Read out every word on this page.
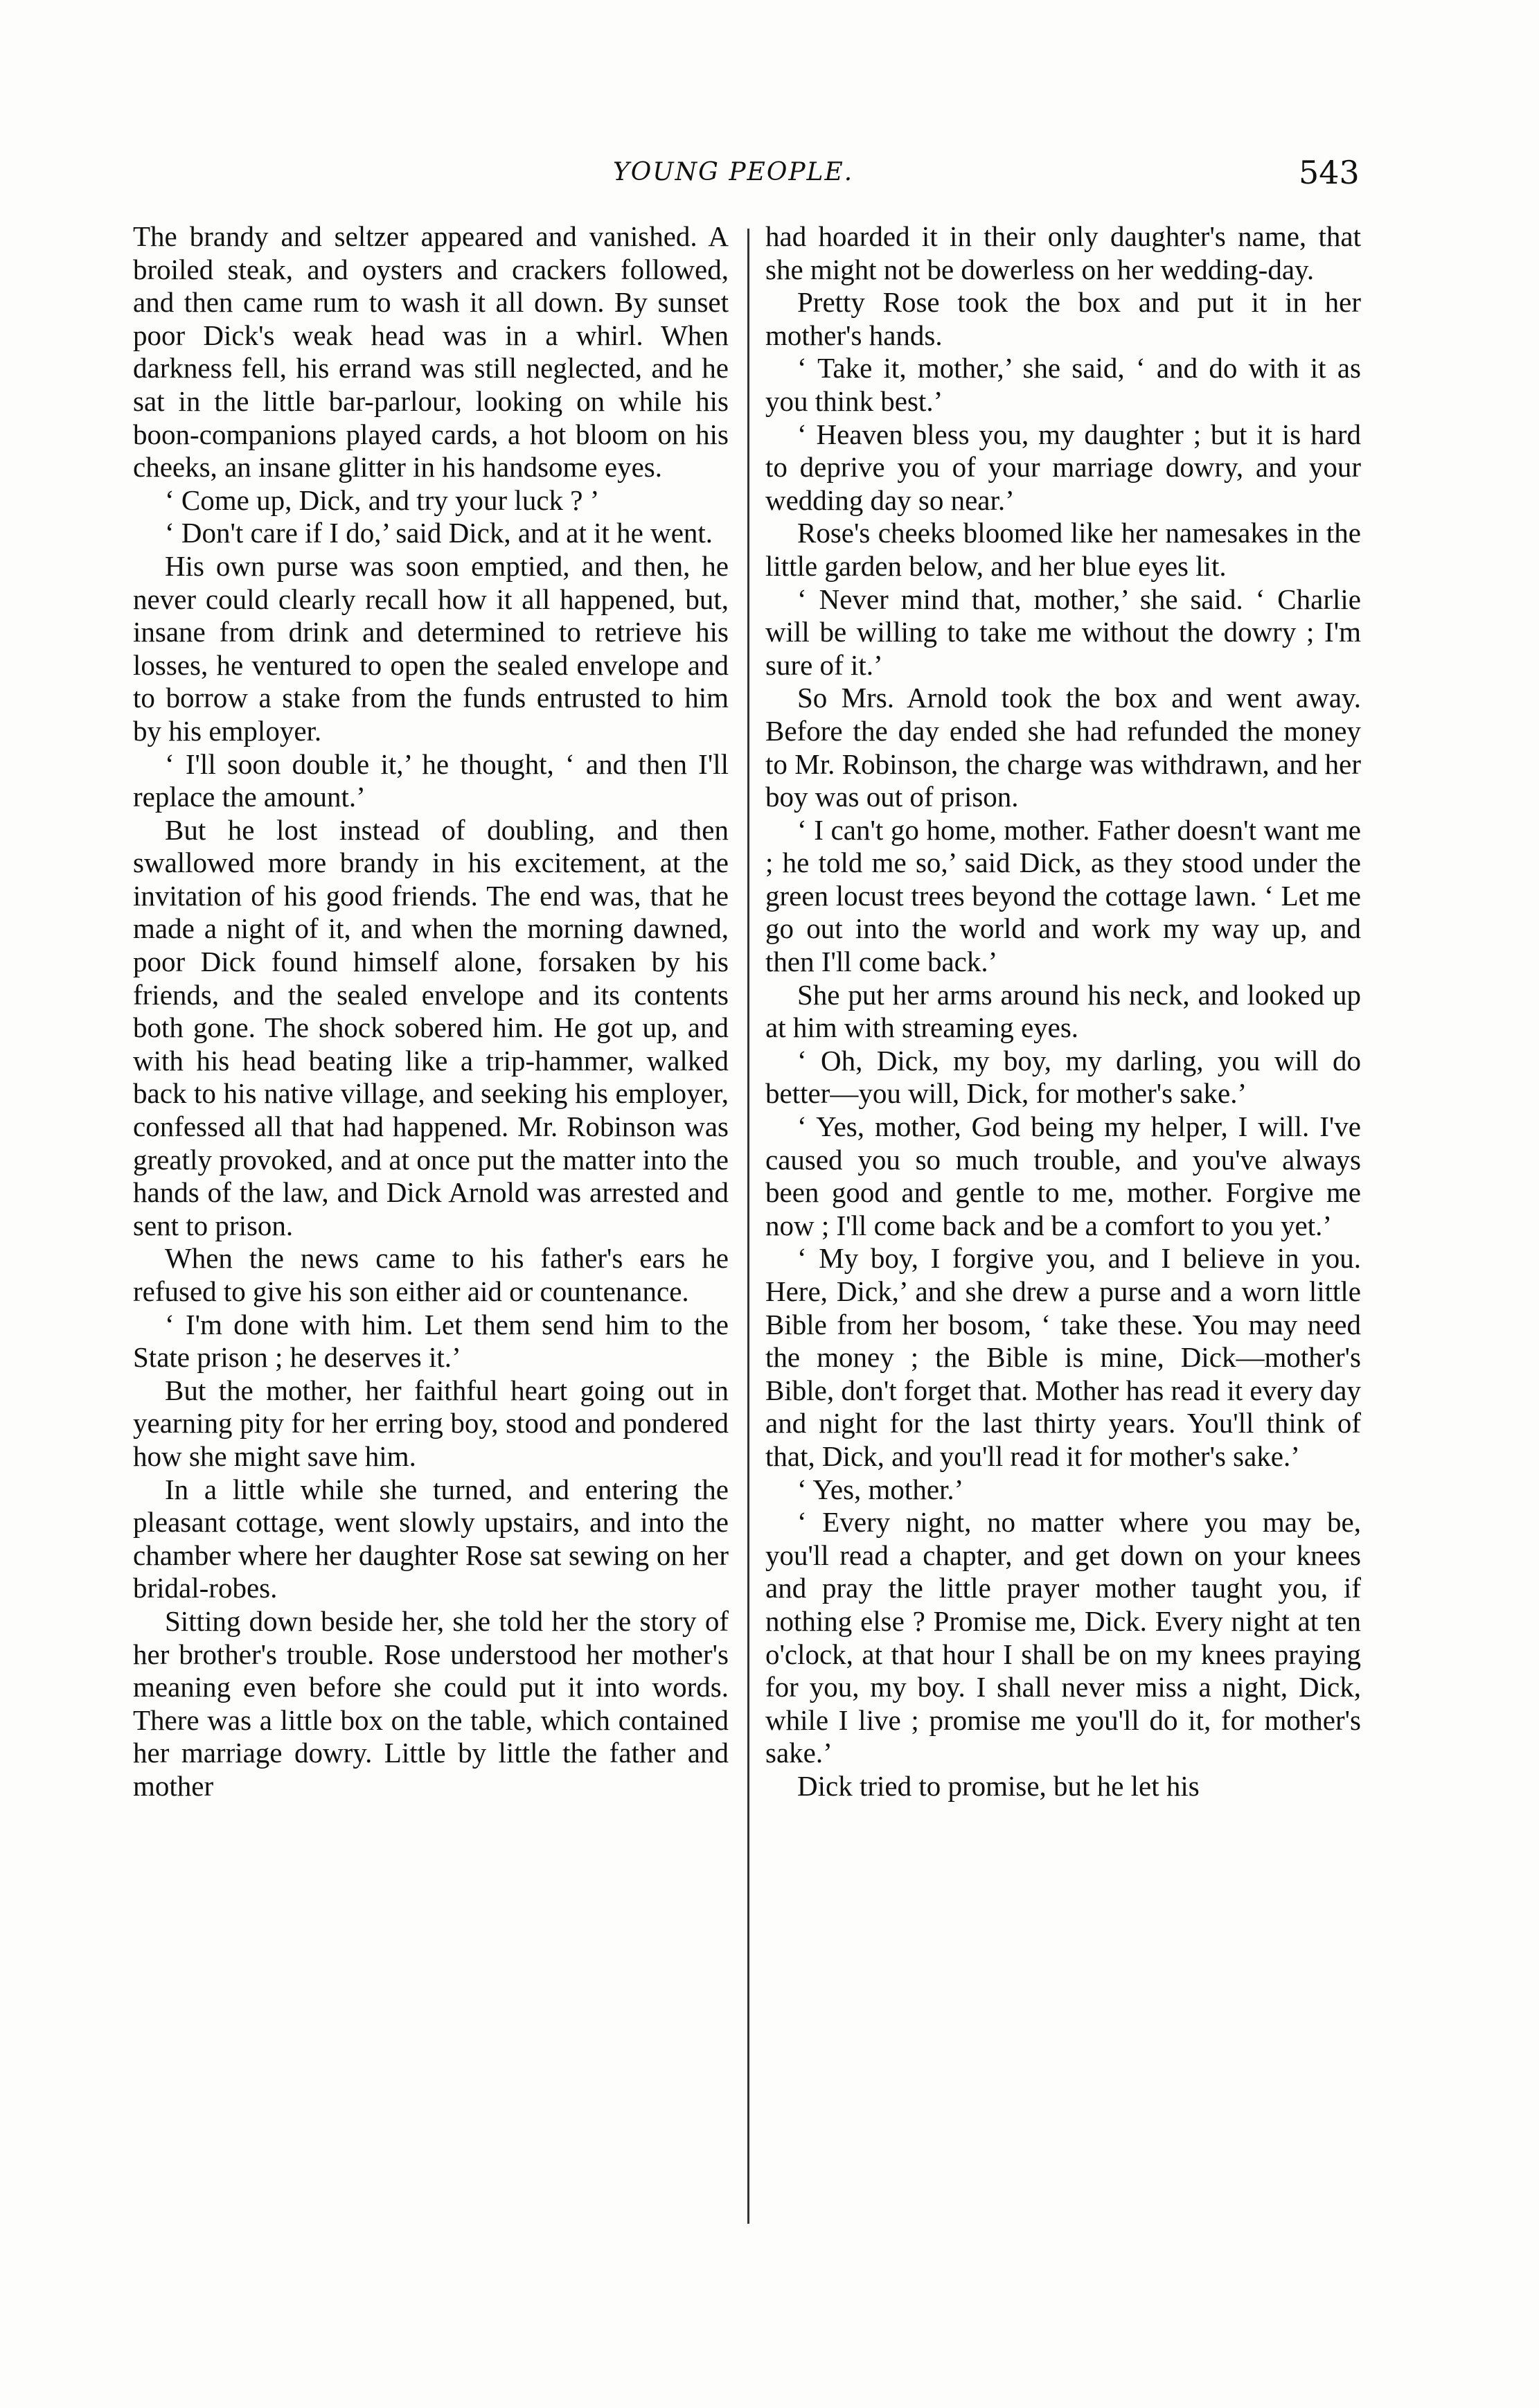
YOUNG PEOPLE.	543

The brandy and seltzer appeared and vanished. A broiled steak, and oysters and crackers followed, and then came rum to wash it all down. By sunset poor Dick's weak head was in a whirl. When darkness fell, his errand was still neglected, and he sat in the little bar-parlour, looking on while his boon-companions played cards, a hot bloom on his cheeks, an insane glitter in his handsome eyes.

‘ Come up, Dick, and try your luck ? ’

‘ Don't care if I do,’ said Dick, and at it he went.

His own purse was soon emptied, and then, he never could clearly recall how it all happened, but, insane from drink and determined to retrieve his losses, he ventured to open the sealed envelope and to borrow a stake from the funds entrusted to him by his employer.

‘ I'll soon double it,’ he thought, ‘ and then I'll replace the amount.’

But he lost instead of doubling, and then swallowed more brandy in his excitement, at the invitation of his good friends. The end was, that he made a night of it, and when the morning dawned, poor Dick found himself alone, forsaken by his friends, and the sealed envelope and its contents both gone. The shock sobered him. He got up, and with his head beating like a trip-hammer, walked back to his native village, and seeking his employer, confessed all that had happened. Mr. Robinson was greatly provoked, and at once put the matter into the hands of the law, and Dick Arnold was arrested and sent to prison.

When the news came to his father's ears he refused to give his son either aid or countenance.

‘ I'm done with him. Let them send him to the State prison ; he deserves it.’

But the mother, her faithful heart going out in yearning pity for her erring boy, stood and pondered how she might save him.

In a little while she turned, and entering the pleasant cottage, went slowly upstairs, and into the chamber where her daughter Rose sat sewing on her bridal-robes.

Sitting down beside her, she told her the story of her brother's trouble. Rose understood her mother's meaning even before she could put it into words. There was a little box on the table, which contained her marriage dowry. Little by little the father and mother

had hoarded it in their only daughter's name, that she might not be dowerless on her wedding-day.

Pretty Rose took the box and put it in her mother's hands.

‘ Take it, mother,’ she said, ‘ and do with it as you think best.’

‘ Heaven bless you, my daughter ; but it is hard to deprive you of your marriage dowry, and your wedding day so near.’

Rose's cheeks bloomed like her namesakes in the little garden below, and her blue eyes lit.

‘ Never mind that, mother,’ she said. ‘ Charlie will be willing to take me without the dowry ; I'm sure of it.’

So Mrs. Arnold took the box and went away. Before the day ended she had refunded the money to Mr. Robinson, the charge was withdrawn, and her boy was out of prison.

‘ I can't go home, mother. Father doesn't want me ; he told me so,’ said Dick, as they stood under the green locust trees beyond the cottage lawn. ‘ Let me go out into the world and work my way up, and then I'll come back.’

She put her arms around his neck, and looked up at him with streaming eyes.

‘ Oh, Dick, my boy, my darling, you will do better—you will, Dick, for mother's sake.’

‘ Yes, mother, God being my helper, I will. I've caused you so much trouble, and you've always been good and gentle to me, mother. Forgive me now ; I'll come back and be a comfort to you yet.’

‘ My boy, I forgive you, and I believe in you. Here, Dick,’ and she drew a purse and a worn little Bible from her bosom, ‘ take these. You may need the money ; the Bible is mine, Dick—mother's Bible, don't forget that. Mother has read it every day and night for the last thirty years. You'll think of that, Dick, and you'll read it for mother's sake.’

‘ Yes, mother.’

‘ Every night, no matter where you may be, you'll read a chapter, and get down on your knees and pray the little prayer mother taught you, if nothing else ? Promise me, Dick. Every night at ten o'clock, at that hour I shall be on my knees praying for you, my boy. I shall never miss a night, Dick, while I live ; promise me you'll do it, for mother's sake.’

Dick tried to promise, but he let his
